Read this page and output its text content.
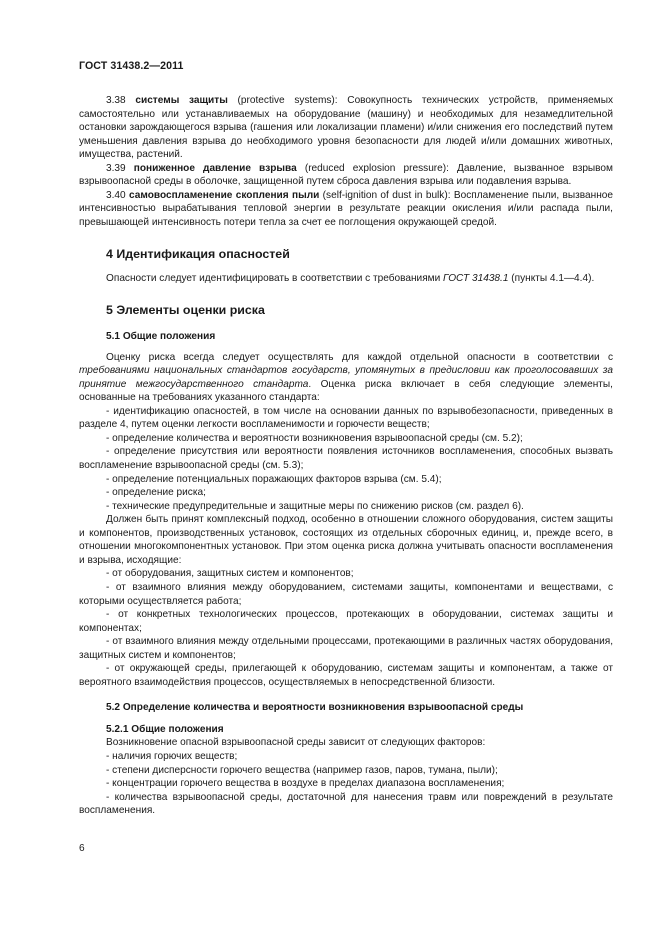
ГОСТ 31438.2—2011

3.38 системы защиты (protective systems): Совокупность технических устройств, применяемых самостоятельно или устанавливаемых на оборудование (машину) и необходимых для незамедлительной остановки зарождающегося взрыва (гашения или локализации пламени) и/или снижения его последствий путем уменьшения давления взрыва до необходимого уровня безопасности для людей и/или домашних животных, имущества, растений.

3.39 пониженное давление взрыва (reduced explosion pressure): Давление, вызванное взрывом взрывоопасной среды в оболочке, защищенной путем сброса давления взрыва или подавления взрыва.

3.40 самовоспламенение скопления пыли (self-ignition of dust in bulk): Воспламенение пыли, вызванное интенсивностью вырабатывания тепловой энергии в результате реакции окисления и/или распада пыли, превышающей интенсивность потери тепла за счет ее поглощения окружающей средой.

4 Идентификация опасностей

Опасности следует идентифицировать в соответствии с требованиями ГОСТ 31438.1 (пункты 4.1—4.4).

5 Элементы оценки риска
5.1 Общие положения

Оценку риска всегда следует осуществлять для каждой отдельной опасности в соответствии с требованиями национальных стандартов государств, упомянутых в предисловии как проголосовавших за принятие межгосударственного стандарта. Оценка риска включает в себя следующие элементы, основанные на требованиях указанного стандарта:

- идентификацию опасностей, в том числе на основании данных по взрывобезопасности, приведенных в разделе 4, путем оценки легкости воспламенимости и горючести веществ;

- определение количества и вероятности возникновения взрывоопасной среды (см. 5.2);

- определение присутствия или вероятности появления источников воспламенения, способных вызвать воспламенение взрывоопасной среды (см. 5.3);

- определение потенциальных поражающих факторов взрыва (см. 5.4);

- определение риска;

- технические предупредительные и защитные меры по снижению рисков (см. раздел 6).

Должен быть принят комплексный подход, особенно в отношении сложного оборудования, систем защиты и компонентов, производственных установок, состоящих из отдельных сборочных единиц, и, прежде всего, в отношении многокомпонентных установок. При этом оценка риска должна учитывать опасности воспламенения и взрыва, исходящие:

- от оборудования, защитных систем и компонентов;

- от взаимного влияния между оборудованием, системами защиты, компонентами и веществами, с которыми осуществляется работа;

- от конкретных технологических процессов, протекающих в оборудовании, системах защиты и компонентах;

- от взаимного влияния между отдельными процессами, протекающими в различных частях оборудования, защитных систем и компонентов;

- от окружающей среды, прилегающей к оборудованию, системам защиты и компонентам, а также от вероятного взаимодействия процессов, осуществляемых в непосредственной близости.

5.2 Определение количества и вероятности возникновения взрывоопасной среды
5.2.1 Общие положения

Возникновение опасной взрывоопасной среды зависит от следующих факторов:

- наличия горючих веществ;

- степени дисперсности горючего вещества (например газов, паров, тумана, пыли);

- концентрации горючего вещества в воздухе в пределах диапазона воспламенения;

- количества взрывоопасной среды, достаточной для нанесения травм или повреждений в результате воспламенения.

6
